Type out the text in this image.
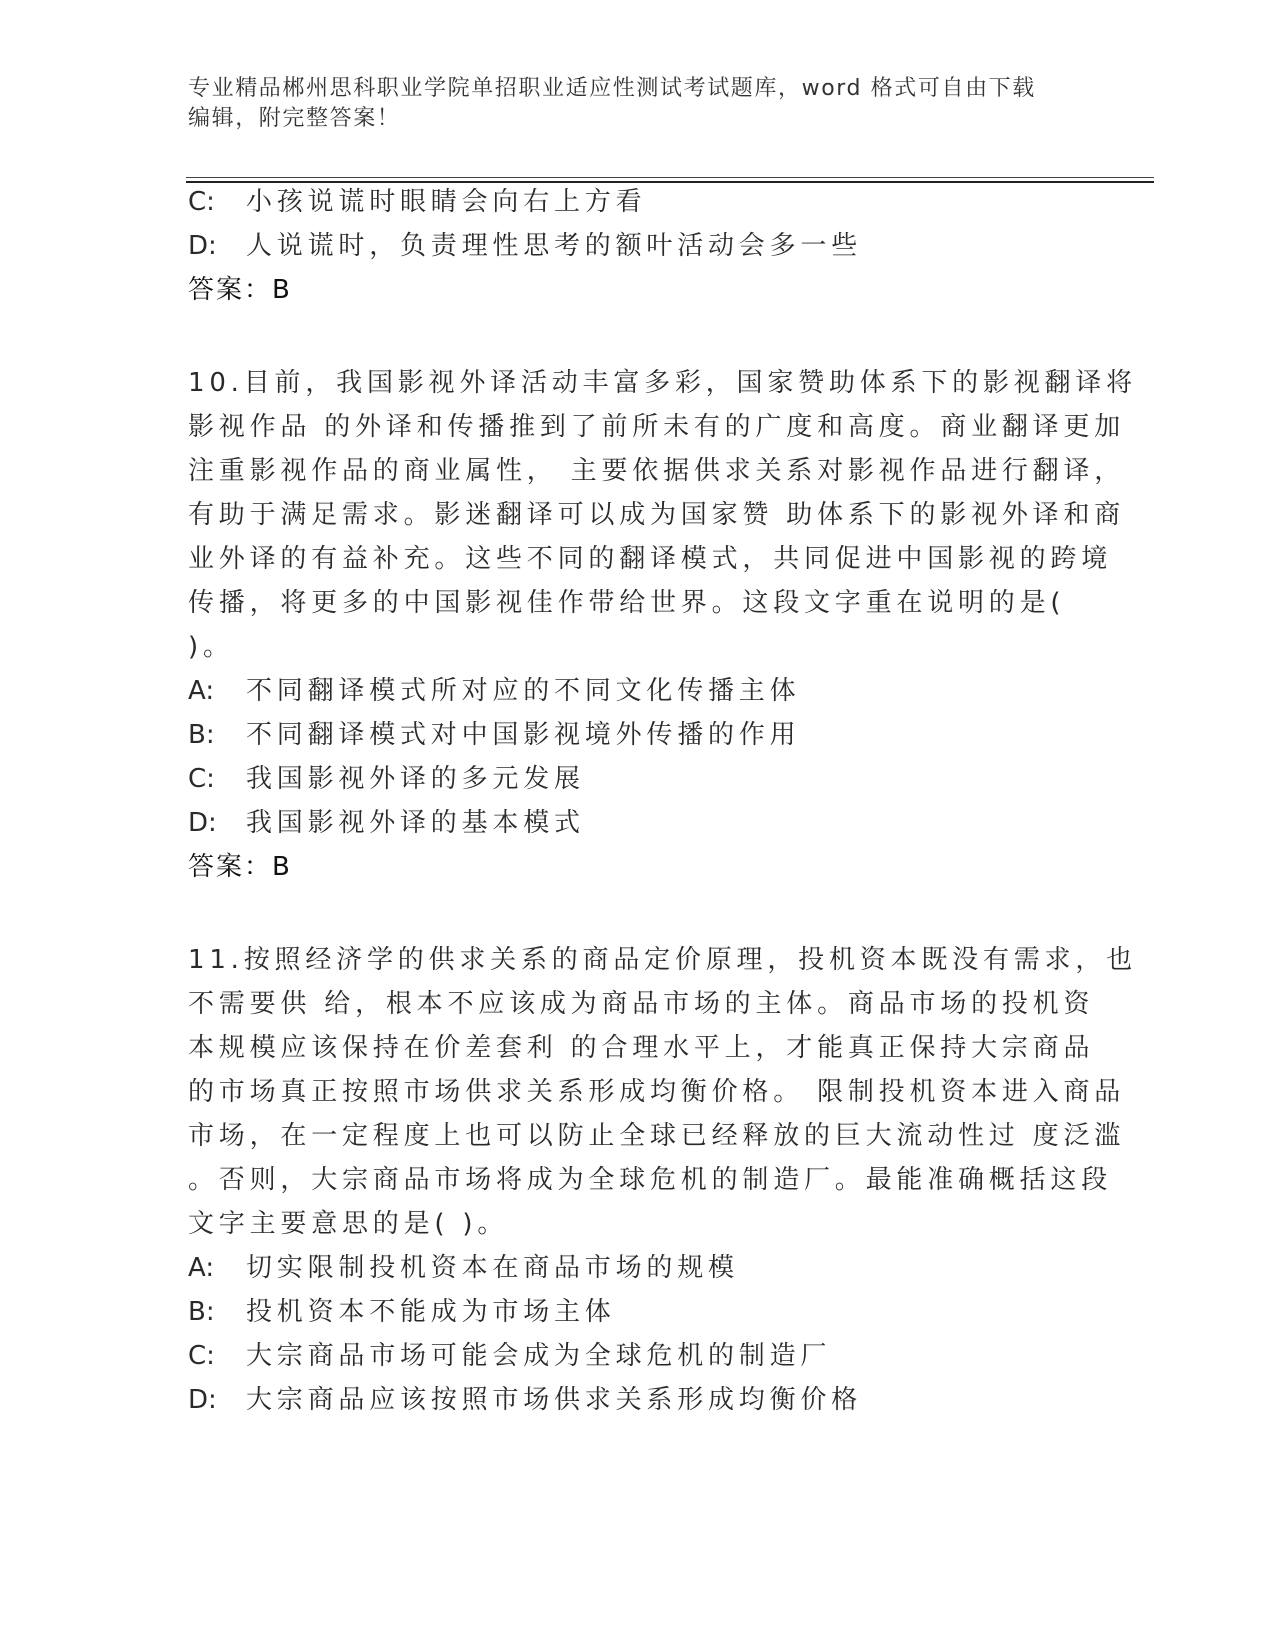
专业精品郴州思科职业学院单招职业适应性测试考试题库，word 格式可自由下载
编辑，附完整答案！
C:	小孩说谎时眼睛会向右上方看
D:	人说谎时，负责理性思考的额叶活动会多一些
答案：B
10.目前，我国影视外译活动丰富多彩，国家赞助体系下的影视翻译将
影视作品 的外译和传播推到了前所未有的广度和高度。商业翻译更加
注重影视作品的商业属性， 主要依据供求关系对影视作品进行翻译，
有助于满足需求。影迷翻译可以成为国家赞 助体系下的影视外译和商
业外译的有益补充。这些不同的翻译模式，共同促进中国影视的跨境
传播，将更多的中国影视佳作带给世界。这段文字重在说明的是(
)。
A:	不同翻译模式所对应的不同文化传播主体
B:	不同翻译模式对中国影视境外传播的作用
C:	我国影视外译的多元发展
D:	我国影视外译的基本模式
答案：B
11.按照经济学的供求关系的商品定价原理，投机资本既没有需求，也
不需要供 给，根本不应该成为商品市场的主体。商品市场的投机资
本规模应该保持在价差套利 的合理水平上，才能真正保持大宗商品
的市场真正按照市场供求关系形成均衡价格。 限制投机资本进入商品
市场，在一定程度上也可以防止全球已经释放的巨大流动性过 度泛滥
。否则，大宗商品市场将成为全球危机的制造厂。最能准确概括这段
文字主要意思的是( )。
A:	切实限制投机资本在商品市场的规模
B:	投机资本不能成为市场主体
C:	大宗商品市场可能会成为全球危机的制造厂
D:	大宗商品应该按照市场供求关系形成均衡价格
